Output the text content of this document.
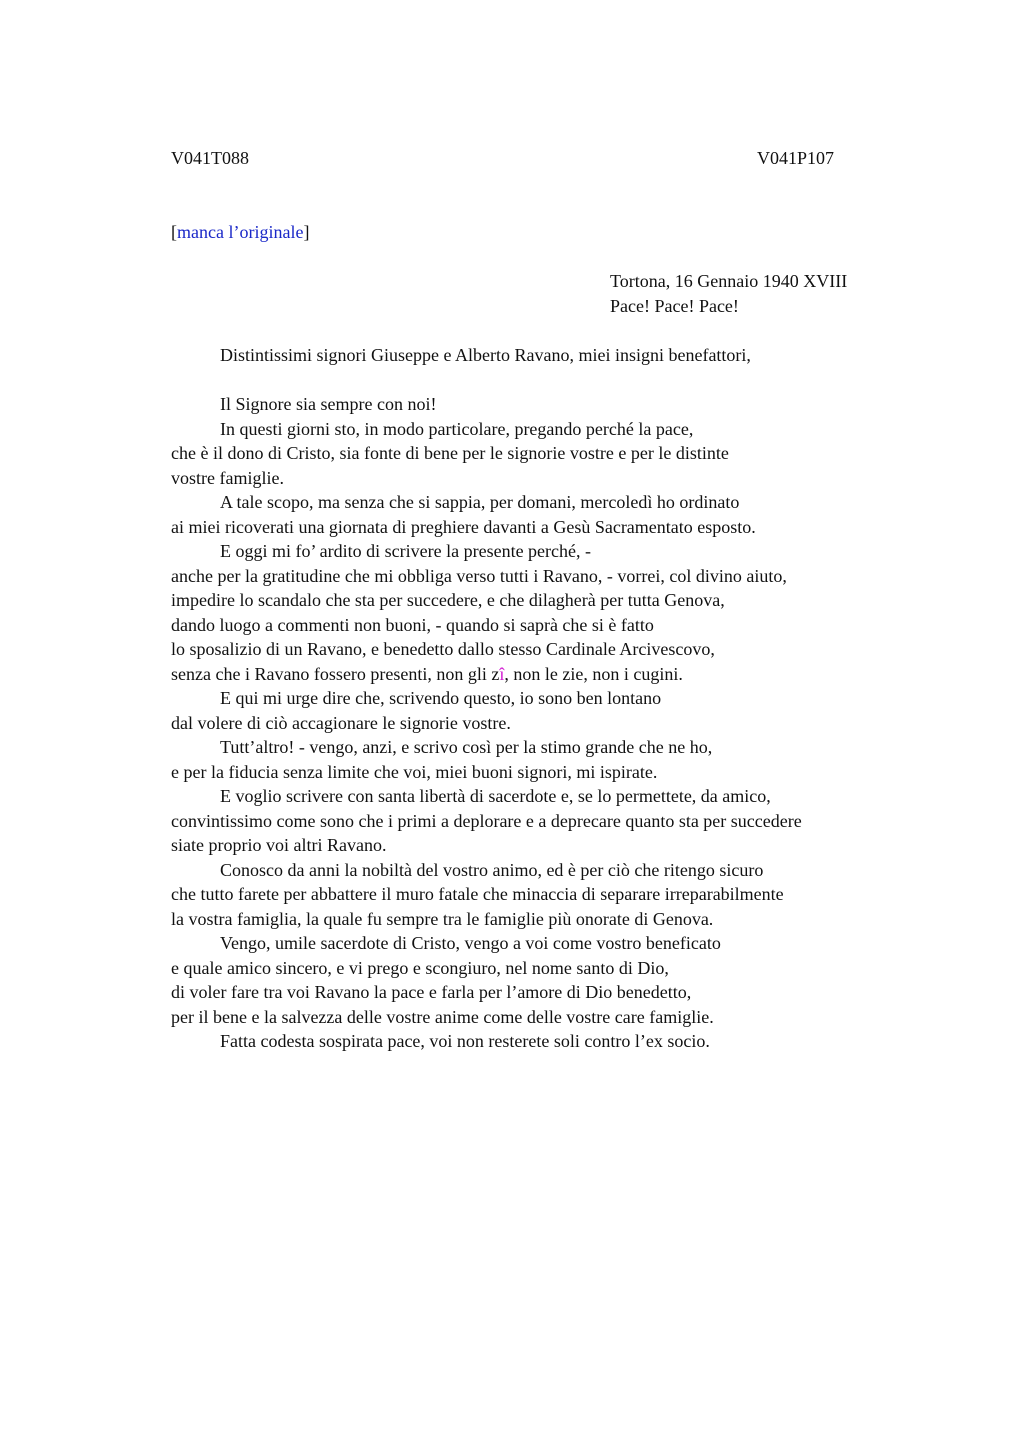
V041T088	V041P107
[manca l’originale]
Tortona, 16 Gennaio 1940 XVIII
Pace! Pace! Pace!
Distintissimi signori Giuseppe e Alberto Ravano, miei insigni benefattori,
Il Signore sia sempre con noi!
In questi giorni sto, in modo particolare, pregando perché la pace,
che è il dono di Cristo, sia fonte di bene per le signorie vostre e per le distinte
vostre famiglie.
A tale scopo, ma senza che si sappia, per domani, mercoledì ho ordinato
ai miei ricoverati una giornata di preghiere davanti a Gesù Sacramentato esposto.
E oggi mi fo’ ardito di scrivere la presente perché, -
anche per la gratitudine che mi obbliga verso tutti i Ravano, - vorrei, col divino aiuto,
impedire lo scandalo che sta per succedere, e che dilagherà per tutta Genova,
dando luogo a commenti non buoni, - quando si saprà che si è fatto
lo sposalizio di un Ravano, e benedetto dallo stesso Cardinale Arcivescovo,
senza che i Ravano fossero presenti, non gli zî, non le zie, non i cugini.
E qui mi urge dire che, scrivendo questo, io sono ben lontano
dal volere di ciò accagionare le signorie vostre.
Tutt’altro! - vengo, anzi, e scrivo così per la stimo grande che ne ho,
e per la fiducia senza limite che voi, miei buoni signori, mi ispirate.
E voglio scrivere con santa libertà di sacerdote e, se lo permettete, da amico,
convintissimo come sono che i primi a deplorare e a deprecare quanto sta per succedere
siate proprio voi altri Ravano.
Conosco da anni la nobiltà del vostro animo, ed è per ciò che ritengo sicuro
che tutto farete per abbattere il muro fatale che minaccia di separare irreparabilmente
la vostra famiglia, la quale fu sempre tra le famiglie più onorate di Genova.
Vengo, umile sacerdote di Cristo, vengo a voi come vostro beneficato
e quale amico sincero, e vi prego e scongiuro, nel nome santo di Dio,
di voler fare tra voi Ravano la pace e farla per l’amore di Dio benedetto,
per il bene e la salvezza delle vostre anime come delle vostre care famiglie.
Fatta codesta sospirata pace, voi non resterete soli contro l’ex socio.
